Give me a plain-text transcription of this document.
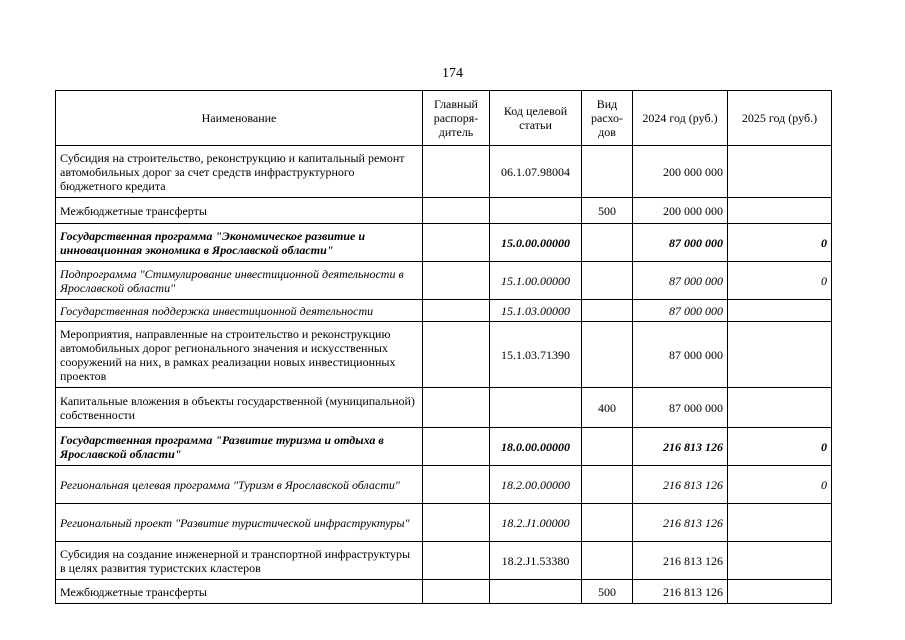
174
Наименование	Главный распоря-дитель	Код целевой статьи	Вид расхо-дов	2024 год (руб.)	2025 год (руб.)
Субсидия на строительство, реконструкцию и капитальный ремонт автомобильных дорог за счет средств инфраструктурного бюджетного кредита		06.1.07.98004		200 000 000	
Межбюджетные трансферты			500	200 000 000	
Государственная программа "Экономическое развитие и инновационная экономика в Ярославской области"		15.0.00.00000		87 000 000	0
Подпрограмма "Стимулирование инвестиционной деятельности в Ярославской области"		15.1.00.00000		87 000 000	0
Государственная поддержка инвестиционной деятельности		15.1.03.00000		87 000 000	
Мероприятия, направленные на строительство и реконструкцию автомобильных дорог регионального значения и искусственных сооружений на них, в рамках реализации новых инвестиционных проектов		15.1.03.71390		87 000 000	
Капитальные вложения в объекты государственной (муниципальной) собственности			400	87 000 000	
Государственная программа "Развитие туризма и отдыха в Ярославской области"		18.0.00.00000		216 813 126	0
Региональная целевая программа "Туризм в Ярославской области"		18.2.00.00000		216 813 126	0
Региональный проект "Развитие туристической инфраструктуры"		18.2.J1.00000		216 813 126	
Субсидия на создание инженерной и транспортной инфраструктуры в целях развития туристских кластеров		18.2.J1.53380		216 813 126	
Межбюджетные трансферты			500	216 813 126	
